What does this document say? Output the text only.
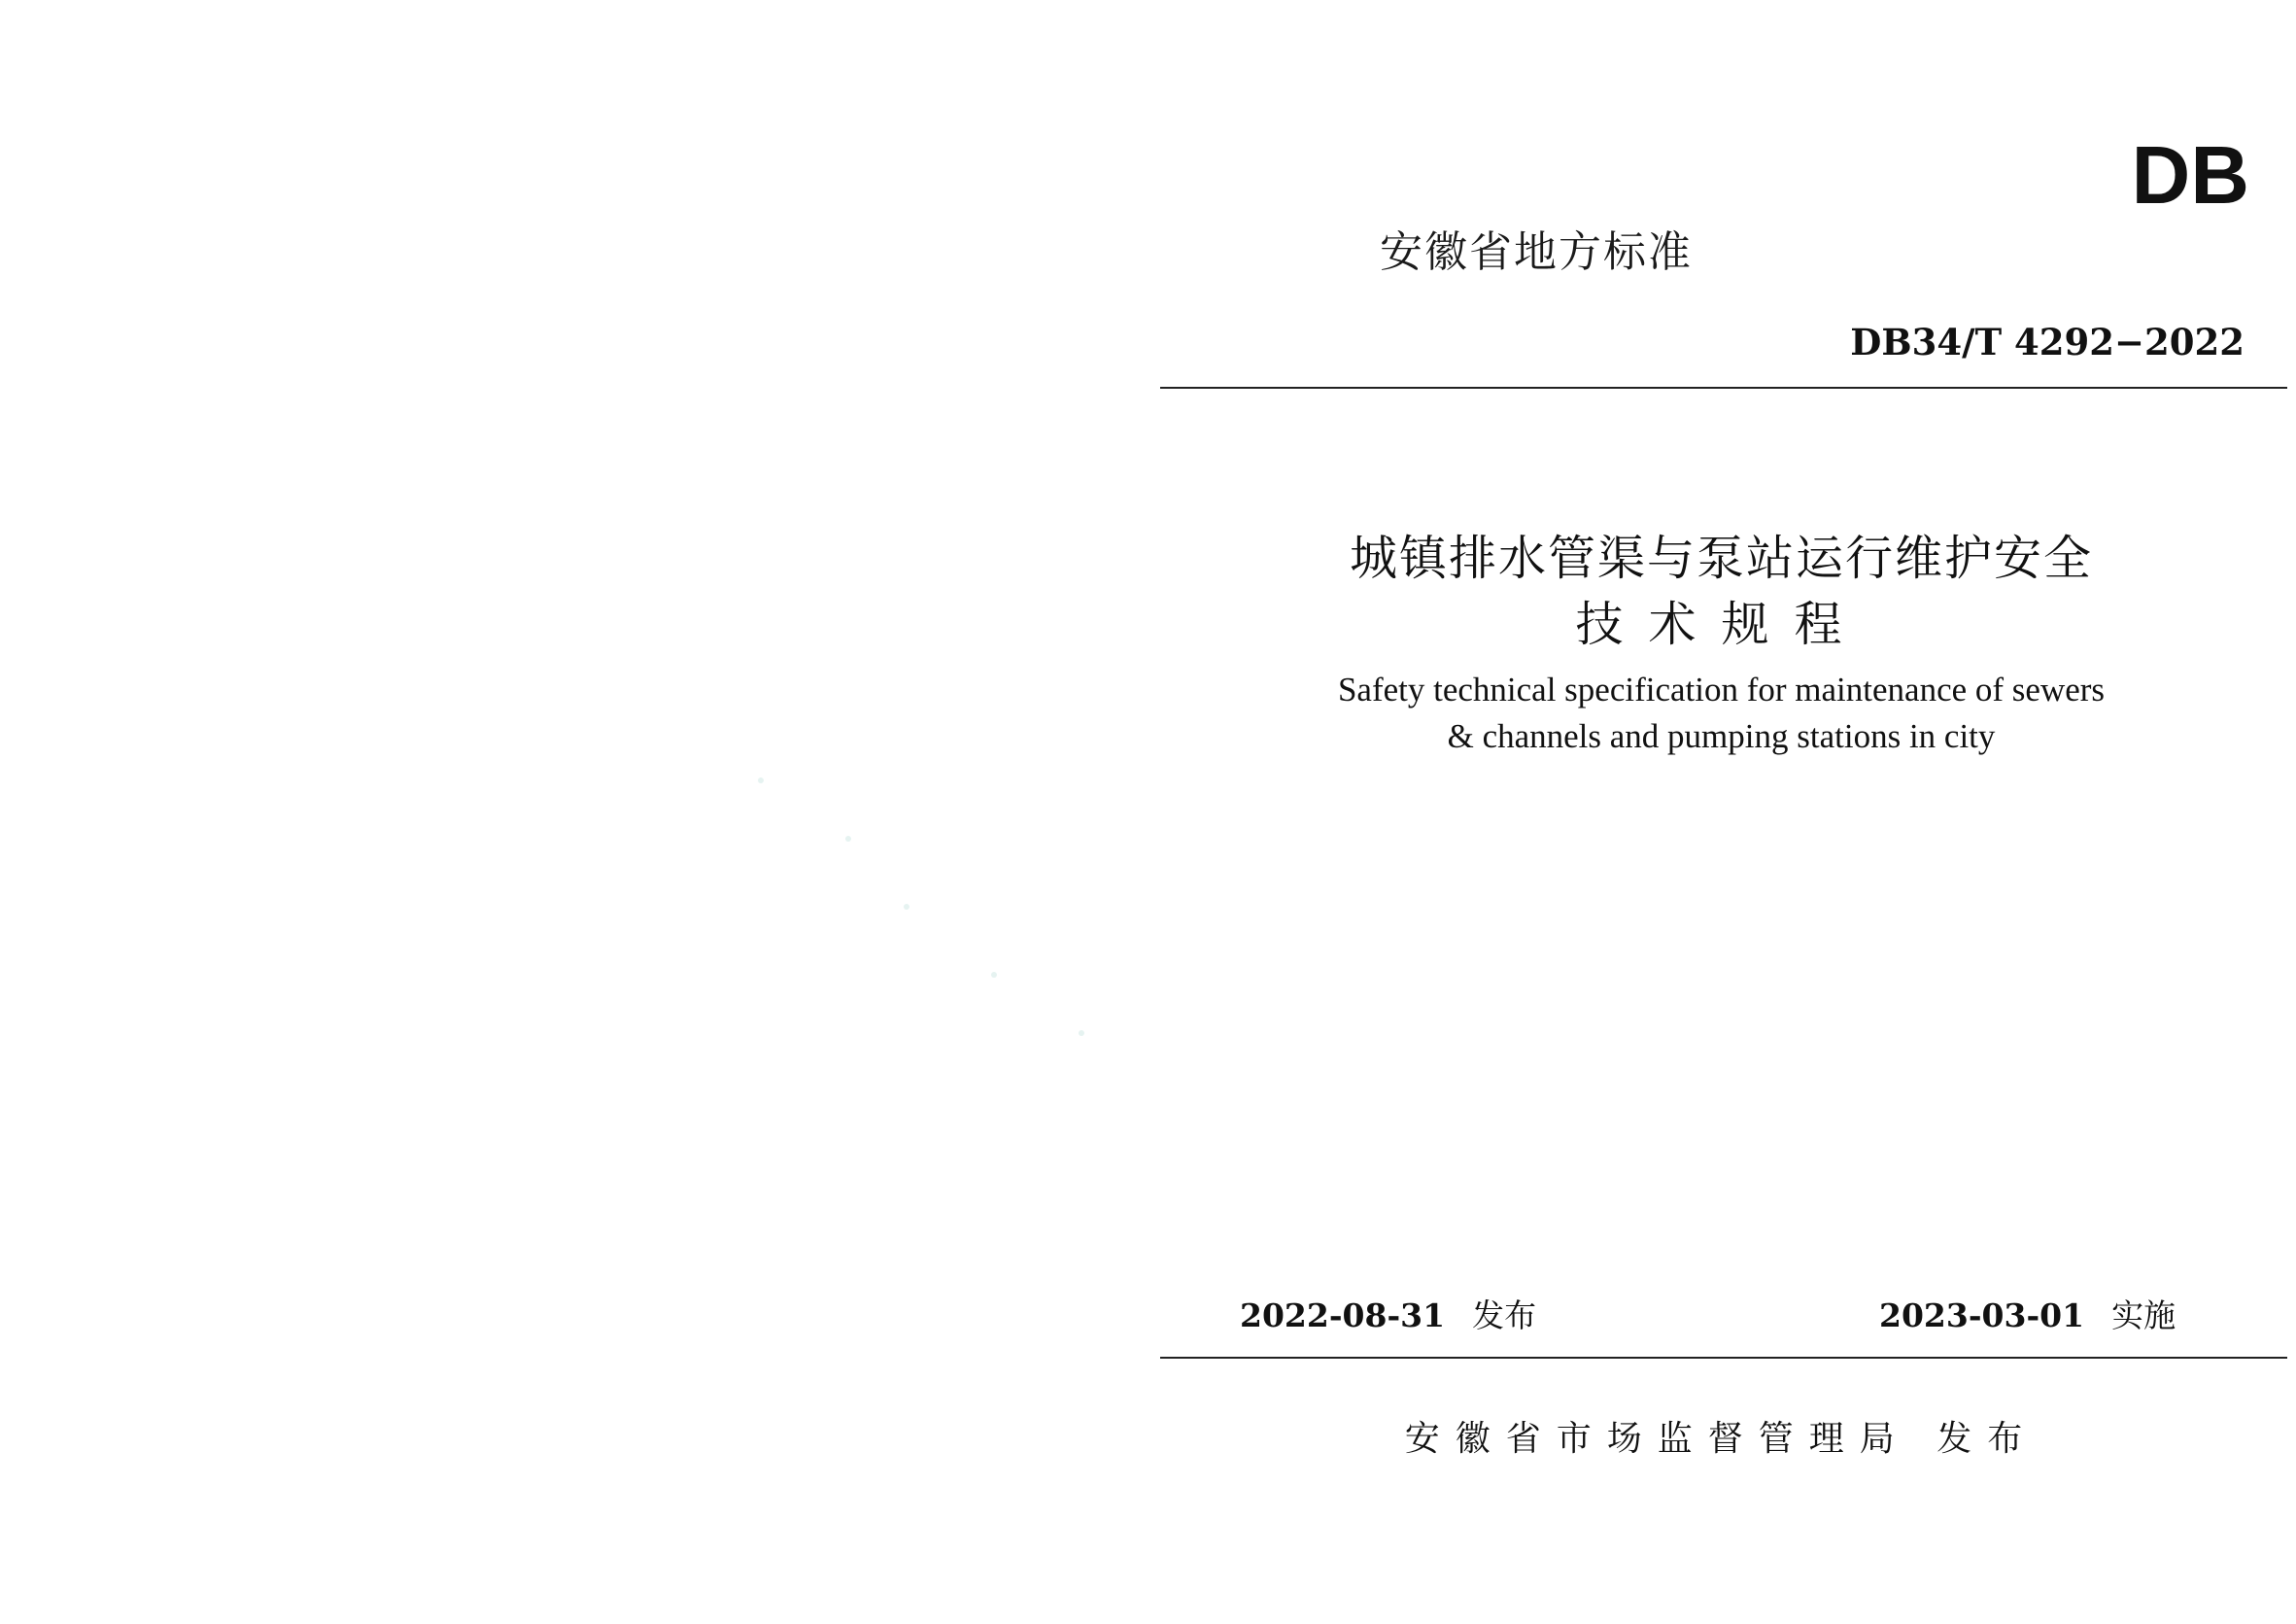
DB
安徽省地方标准
DB34/T 4292−2022
城镇排水管渠与泵站运行维护安全
技术规程
Safety technical specification for maintenance of sewers
& channels and pumping stations in city
2022-08-31 发布	2023-03-01 实施
安徽省市场监督管理局 发布
